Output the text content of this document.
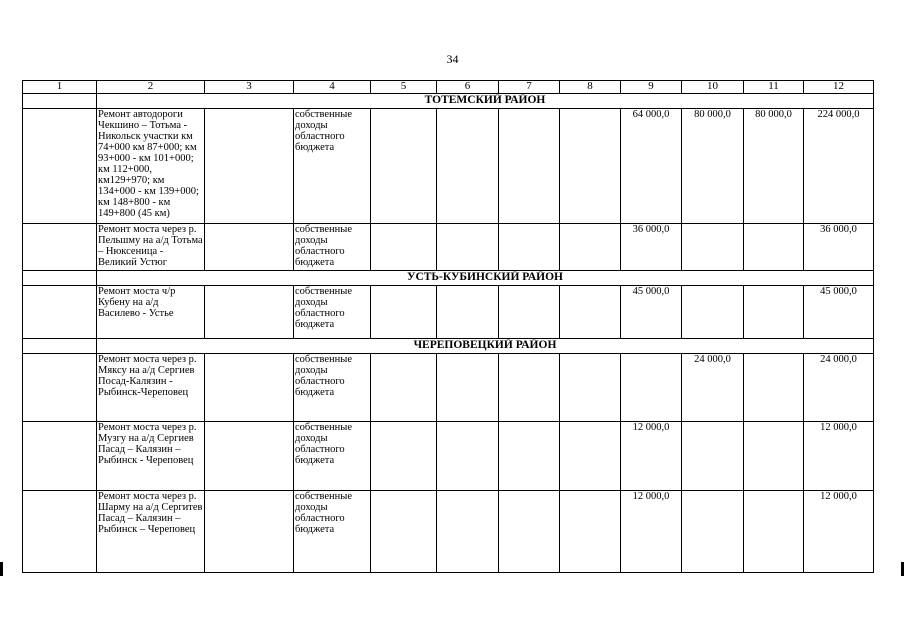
34
1	2	3	4	5	6	7	8	9	10	11	12
	ТОТЕМСКИЙ РАЙОН										
	Ремонт автодороги Чекшино – Тотьма - Никольск участки км 74+000 км 87+000; км 93+000 - км 101+000; км 112+000, км129+970; км 134+000 - км 139+000; км 148+800 - км 149+800 (45 км)		собственные доходы областного бюджета					64 000,0	80 000,0	80 000,0	224 000,0
	Ремонт моста через р. Пельшму на а/д Тотьма – Нюксеница - Великий Устюг		собственные доходы областного бюджета					36 000,0			36 000,0
	УСТЬ-КУБИНСКИЙ РАЙОН										
	Ремонт моста ч/р Кубену на а/д Василево - Устье		собственные доходы областного бюджета					45 000,0			45 000,0
	ЧЕРЕПОВЕЦКИЙ РАЙОН										
	Ремонт моста через р. Мяксу на а/д Сергиев Посад-Калязин - Рыбинск-Череповец		собственные доходы областного бюджета						24 000,0		24 000,0
	Ремонт моста через р. Музгу на а/д Сергиев Пасад – Калязин – Рыбинск - Череповец		собственные доходы областного бюджета					12 000,0			12 000,0
	Ремонт моста через р. Шарму на а/д Сергитев Пасад – Калязин – Рыбинск – Череповец		собственные доходы областного бюджета					12 000,0			12 000,0
